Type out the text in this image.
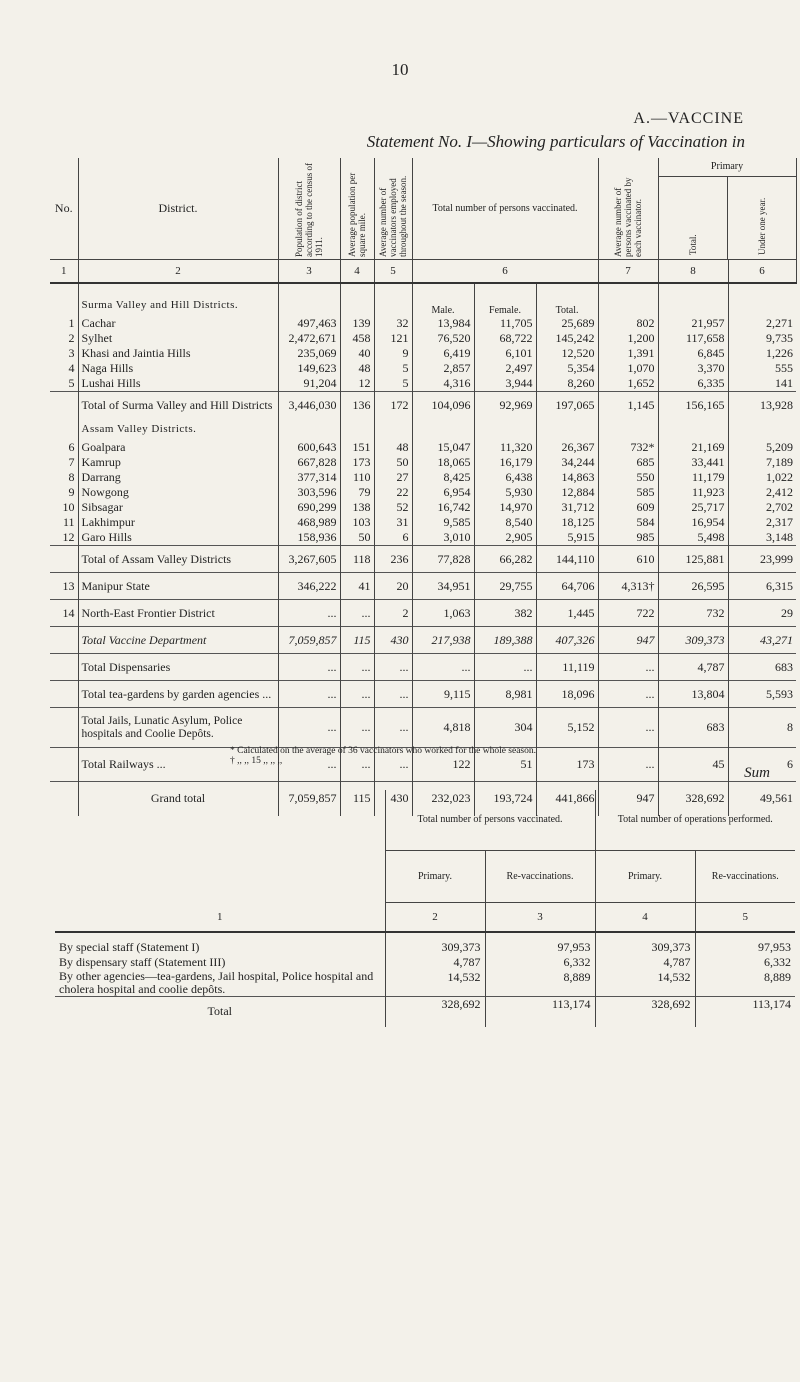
10
A.—VACCINE
Statement No. I—Showing particulars of Vaccination in
No.	District.	Population of district according to the census of 1911.	Average population per square mile.	Average number of vaccinators employed throughout the season.	Total number of persons vaccinated.			Average number of persons vaccinated by each vaccinator.	Primary
Total. Under one year.	

1	2	3	4	5	6			7	8	6
					Male.	Female.	Total.			
	Surma Valley and Hill Districts.									
1	Cachar	497,463	139	32	13,984	11,705	25,689	802	21,957	2,271
2	Sylhet	2,472,671	458	121	76,520	68,722	145,242	1,200	117,658	9,735
3	Khasi and Jaintia Hills	235,069	40	9	6,419	6,101	12,520	1,391	6,845	1,226
4	Naga Hills	149,623	48	5	2,857	2,497	5,354	1,070	3,370	555
5	Lushai Hills	91,204	12	5	4,316	3,944	8,260	1,652	6,335	141
	Total of Surma Valley and Hill Districts	3,446,030	136	172	104,096	92,969	197,065	1,145	156,165	13,928
	Assam Valley Districts.									
6	Goalpara	600,643	151	48	15,047	11,320	26,367	732*	21,169	5,209
7	Kamrup	667,828	173	50	18,065	16,179	34,244	685	33,441	7,189
8	Darrang	377,314	110	27	8,425	6,438	14,863	550	11,179	1,022
9	Nowgong	303,596	79	22	6,954	5,930	12,884	585	11,923	2,412
10	Sibsagar	690,299	138	52	16,742	14,970	31,712	609	25,717	2,702
11	Lakhimpur	468,989	103	31	9,585	8,540	18,125	584	16,954	2,317
12	Garo Hills	158,936	50	6	3,010	2,905	5,915	985	5,498	3,148
	Total of Assam Valley Districts	3,267,605	118	236	77,828	66,282	144,110	610	125,881	23,999
13	Manipur State	346,222	41	20	34,951	29,755	64,706	4,313†	26,595	6,315
14	North-East Frontier District	...	...	2	1,063	382	1,445	722	732	29
	Total Vaccine Department	7,059,857	115	430	217,938	189,388	407,326	947	309,373	43,271
	Total Dispensaries	...	...	...	...	...	11,119	...	4,787	683
	Total tea-gardens by garden agencies ...	...	...	...	9,115	8,981	18,096	...	13,804	5,593
	Total Jails, Lunatic Asylum, Police hospitals and Coolie Depôts.	...	...	...	4,818	304	5,152	...	683	8
	Total Railways ...	...	...	...	122	51	173	...	45	6
	Grand total	7,059,857	115	430	232,023	193,724	441,866	947	328,692	49,561
* Calculated on the average of 36 vaccinators who worked for the whole season.
† ,, ,, 15 ,, ,, ,,
Sum
	Total number of persons vaccinated.		Total number of operations performed.	
	Primary.	Re-vaccinations.	Primary.	Re-vaccinations.
1	2	3	4	5

By special staff (Statement I)	309,373	97,953	309,373	97,953
By dispensary staff (Statement III)	4,787	6,332	4,787	6,332
By other agencies—tea-gardens, Jail hospital, Police hospital and cholera hospital and coolie depôts.	14,532	8,889	14,532	8,889
Total	328,692	113,174	328,692	113,174
